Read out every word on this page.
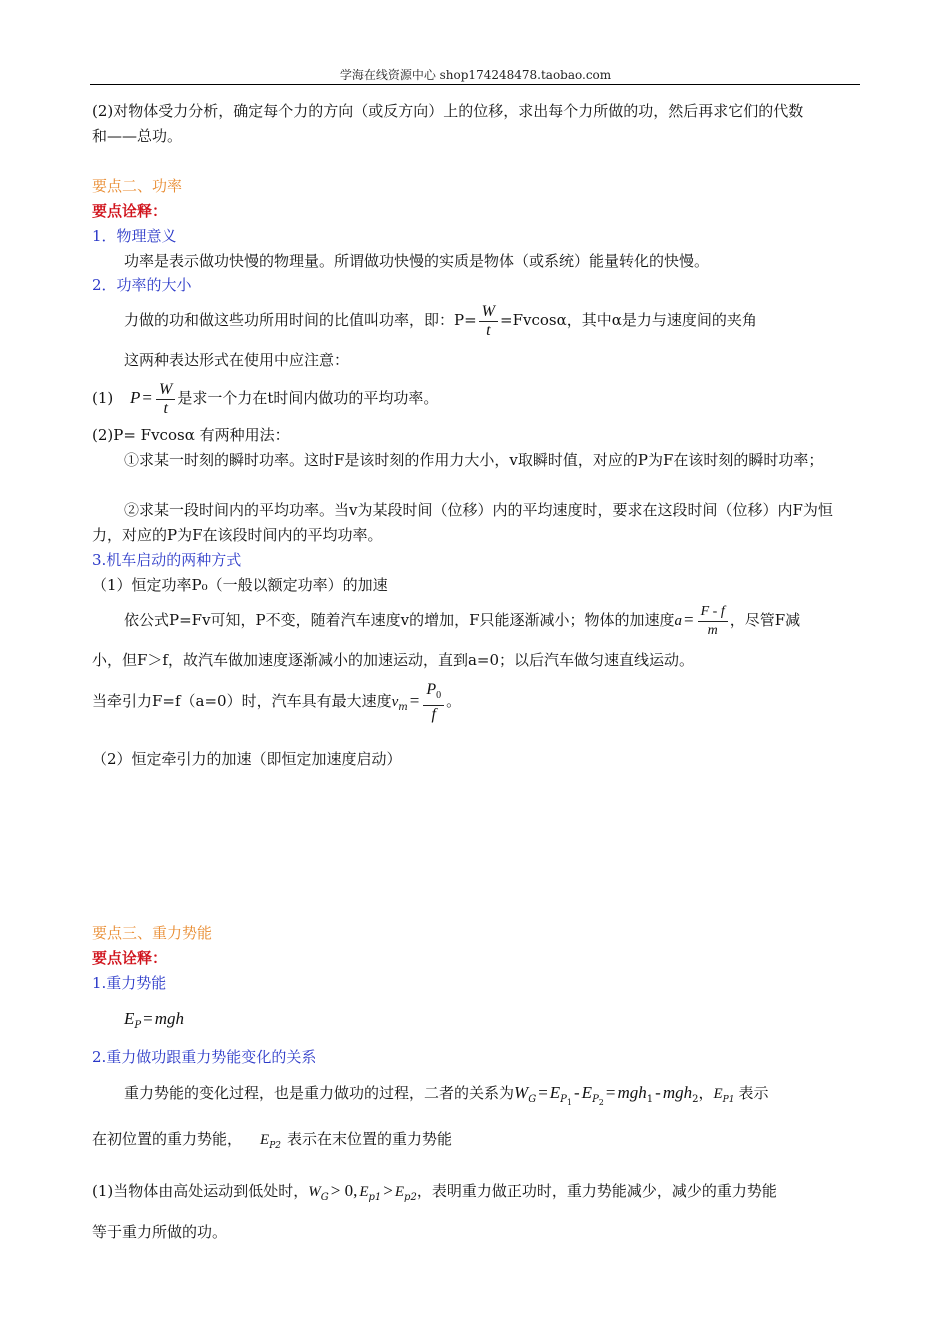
学海在线资源中心 shop174248478.taobao.com
(2)对物体受力分析，确定每个力的方向（或反方向）上的位移，求出每个力所做的功，然后再求它们的代数
和——总功。
要点二、功率
要点诠释：
1．物理意义
功率是表示做功快慢的物理量。所谓做功快慢的实质是物体（或系统）能量转化的快慢。
2．功率的大小
力做的功和做这些功所用时间的比值叫功率，即：$P= \frac{W}{t} =Fvcos\alpha$，其中α是力与速度间的夹角
这两种表达形式在使用中应注意：
(1) $P = \frac{W}{t}$ 是求一个力在t时间内做功的平均功率。
(2)P= Fvcosα 有两种用法：
①求某一时刻的瞬时功率。这时F是该时刻的作用力大小，v取瞬时值，对应的P为F在该时刻的瞬时功率；
②求某一段时间内的平均功率。当v为某段时间（位移）内的平均速度时，要求在这段时间（位移）内F为恒力，对应的P为F在该段时间内的平均功率。
3.机车启动的两种方式
（1）恒定功率P₀（一般以额定功率）的加速
依公式P=Fv可知，P不变，随着汽车速度v的增加，F只能逐渐减小；物体的加速度$a = \frac{F - f}{m}$ ，尽管F减
小，但F＞f，故汽车做加速度逐渐减小的加速运动，直到a=0；以后汽车做匀速直线运动。
当牵引力F=f（a=0）时，汽车具有最大速度$v_m = \frac{P_0}{f}$ 。
（2）恒定牵引力的加速（即恒定加速度启动）
要点三、重力势能
要点诠释：
1.重力势能
$E_P$ = mgh
2.重力做功跟重力势能变化的关系
重力势能的变化过程，也是重力做功的过程，二者的关系为$W_G = E_{P1}-$ $E_{P2}= mgh_1 - mgh_2$，$E_{P1}$ 表示
在初位置的重力势能， $E_{P2}$ 表示在末位置的重力势能
(1)当物体由高处运动到低处时，$W_G > 0$, $E_{p1} > E_{p2}$，表明重力做正功时，重力势能减少，减少的重力势能
等于重力所做的功。
